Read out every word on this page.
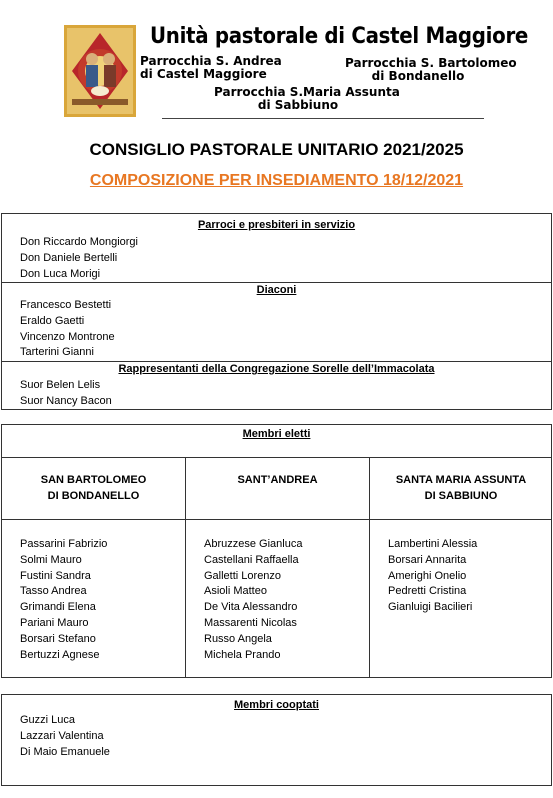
Unità pastorale di Castel Maggiore
Parrocchia S. Andrea
di Castel Maggiore
Parrocchia S. Bartolomeo
di Bondanello
Parrocchia S.Maria Assunta
di Sabbiuno
CONSIGLIO PASTORALE UNITARIO 2021/2025
COMPOSIZIONE PER INSEDIAMENTO 18/12/2021
Parroci e presbiteri in servizio
Don Riccardo Mongiorgi
Don Daniele Bertelli
Don Luca Morigi
Diaconi
Francesco Bestetti
Eraldo Gaetti
Vincenzo Montrone
Tarterini Gianni
Rappresentanti della Congregazione Sorelle dell’Immacolata
Suor Belen Lelis
Suor Nancy Bacon
Membri eletti
SAN BARTOLOMEO
DI BONDANELLO
SANT’ANDREA	SANTA MARIA ASSUNTA
DI SABBIUNO
Passarini Fabrizio
Solmi Mauro
Fustini Sandra
Tasso Andrea
Grimandi Elena
Pariani Mauro
Borsari Stefano
Bertuzzi Agnese
Abruzzese Gianluca
Castellani Raffaella
Galletti Lorenzo
Asioli Matteo
De Vita Alessandro
Massarenti Nicolas
Russo Angela
Michela Prando
Lambertini Alessia
Borsari Annarita
Amerighi Onelio
Pedretti Cristina
Gianluigi Bacilieri
Membri cooptati
Guzzi Luca
Lazzari Valentina
Di Maio Emanuele
